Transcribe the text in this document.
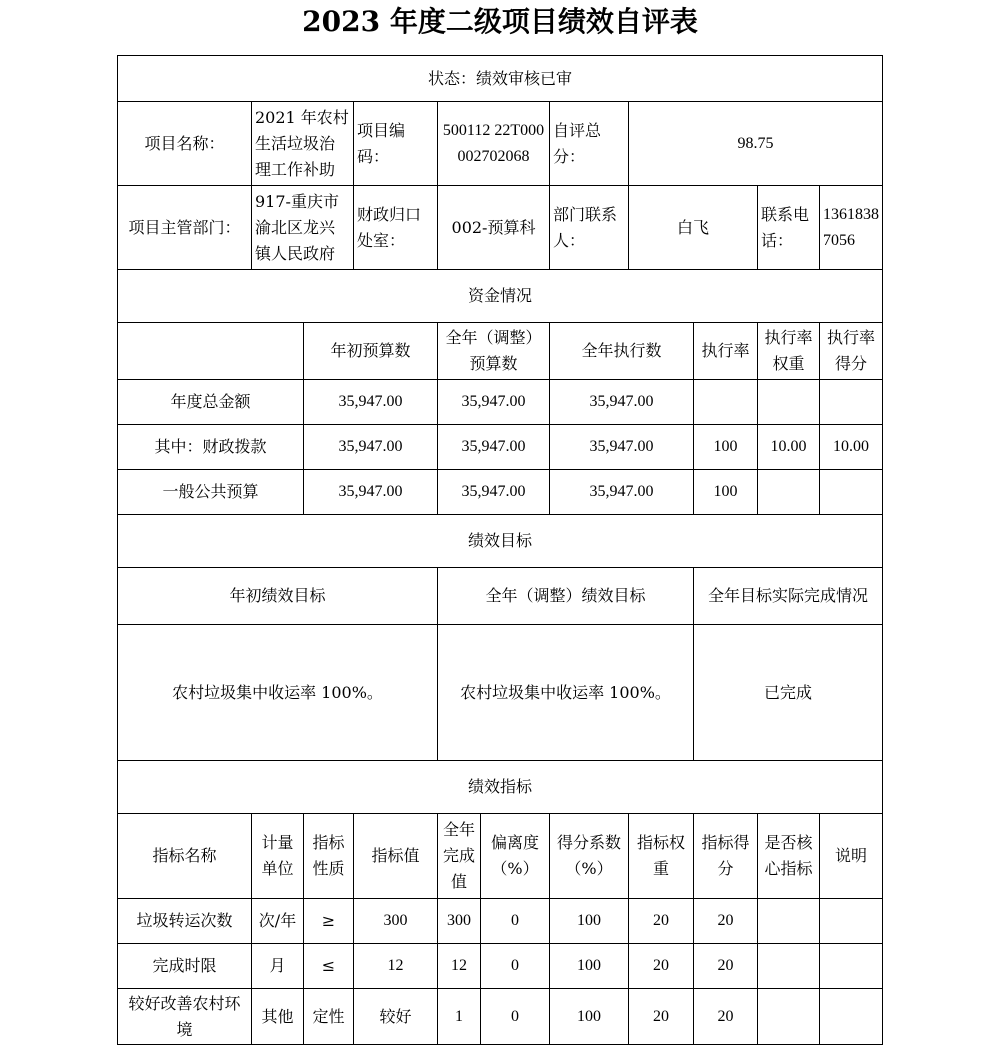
2023 年度二级项目绩效自评表
状态：绩效审核已审										
项目名称：	2021 年农村生活垃圾治理工作补助		项目编码：	500112 22T000002702068		自评总分：	98.75			
项目主管部门：	917-重庆市渝北区龙兴镇人民政府		财政归口处室：	002-预算科		部门联系人：	白飞		联系电话：	13618387056
资金情况										
		年初预算数		全年（调整）预算数		全年执行数		执行率	执行率权重	执行率得分
年度总金额		35,947.00		35,947.00		35,947.00				
其中：财政拨款		35,947.00		35,947.00		35,947.00		100	10.00	10.00
一般公共预算		35,947.00		35,947.00		35,947.00		100		
绩效目标										
年初绩效目标				全年（调整）绩效目标				全年目标实际完成情况		
农村垃圾集中收运率 100%。				农村垃圾集中收运率 100%。				已完成		
绩效指标										
指标名称	计量单位	指标性质	指标值	全年完成值	偏离度（%）	得分系数（%）	指标权重	指标得分	是否核心指标	说明
垃圾转运次数	次/年	≥	300	300	0	100	20	20		
完成时限	月	≤	12	12	0	100	20	20		
较好改善农村环境	其他	定性	较好	1	0	100	20	20		
